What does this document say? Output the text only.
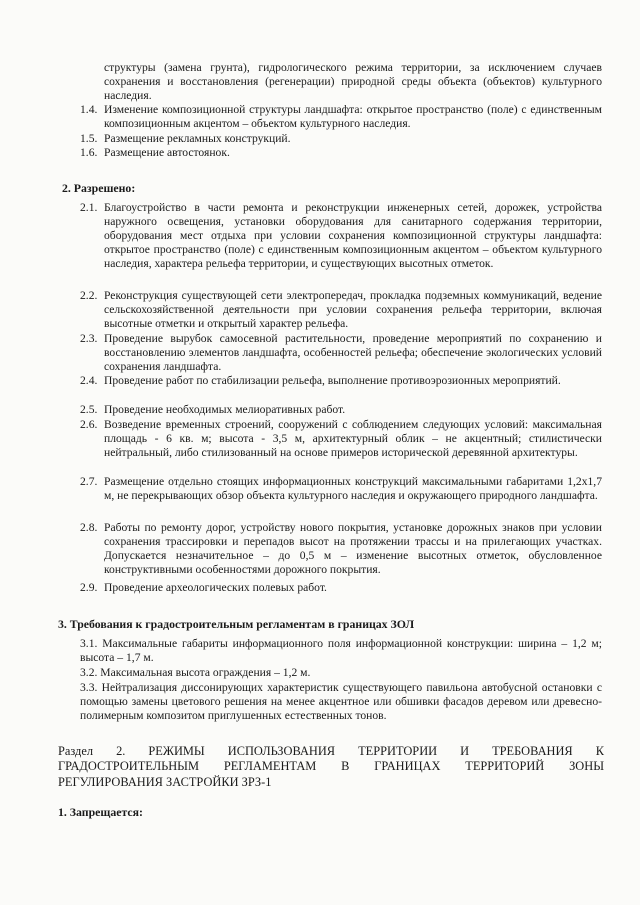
структуры (замена грунта), гидрологического режима территории, за исключением случаев сохранения и восстановления (регенерации) природной среды объекта (объектов) культурного наследия.

1.4. Изменение композиционной структуры ландшафта: открытое пространство (поле) с единственным композиционным акцентом – объектом культурного наследия.
1.5. Размещение рекламных конструкций.
1.6. Размещение автостоянок.

2. Разрешено:

2.1. Благоустройство в части ремонта и реконструкции инженерных сетей, дорожек, устройства наружного освещения, установки оборудования для санитарного содержания территории, оборудования мест отдыха при условии сохранения композиционной структуры ландшафта: открытое пространство (поле) с единственным композиционным акцентом – объектом культурного наследия, характера рельефа территории, и существующих высотных отметок.
2.2. Реконструкция существующей сети электропередач, прокладка подземных коммуникаций, ведение сельскохозяйственной деятельности при условии сохранения рельефа территории, включая высотные отметки и открытый характер рельефа.
2.3. Проведение вырубок самосевной растительности, проведение мероприятий по сохранению и восстановлению элементов ландшафта, особенностей рельефа; обеспечение экологических условий сохранения ландшафта.
2.4. Проведение работ по стабилизации рельефа, выполнение противоэрозионных мероприятий.
2.5. Проведение необходимых мелиоративных работ.
2.6. Возведение временных строений, сооружений с соблюдением следующих условий: максимальная площадь - 6 кв. м; высота - 3,5 м, архитектурный облик – не акцентный; стилистически нейтральный, либо стилизованный на основе примеров исторической деревянной архитектуры.
2.7. Размещение отдельно стоящих информационных конструкций максимальными габаритами 1,2х1,7 м, не перекрывающих обзор объекта культурного наследия и окружающего природного ландшафта.
2.8. Работы по ремонту дорог, устройству нового покрытия, установке дорожных знаков при условии сохранения трассировки и перепадов высот на протяжении трассы и на прилегающих участках. Допускается незначительное – до 0,5 м – изменение высотных отметок, обусловленное конструктивными особенностями дорожного покрытия.
2.9. Проведение археологических полевых работ.

3. Требования к градостроительным регламентам в границах ЗОЛ

3.1. Максимальные габариты информационного поля информационной конструкции: ширина – 1,2 м; высота – 1,7 м.

3.2. Максимальная высота ограждения – 1,2 м.

3.3. Нейтрализация диссонирующих характеристик существующего павильона автобусной остановки с помощью замены цветового решения на менее акцентное или обшивки фасадов деревом или древесно-полимерным композитом приглушенных естественных тонов.

Раздел 2. РЕЖИМЫ ИСПОЛЬЗОВАНИЯ ТЕРРИТОРИИ И ТРЕБОВАНИЯ К
ГРАДОСТРОИТЕЛЬНЫМ РЕГЛАМЕНТАМ В ГРАНИЦАХ ТЕРРИТОРИЙ ЗОНЫ
РЕГУЛИРОВАНИЯ ЗАСТРОЙКИ ЗРЗ-1

1. Запрещается:
